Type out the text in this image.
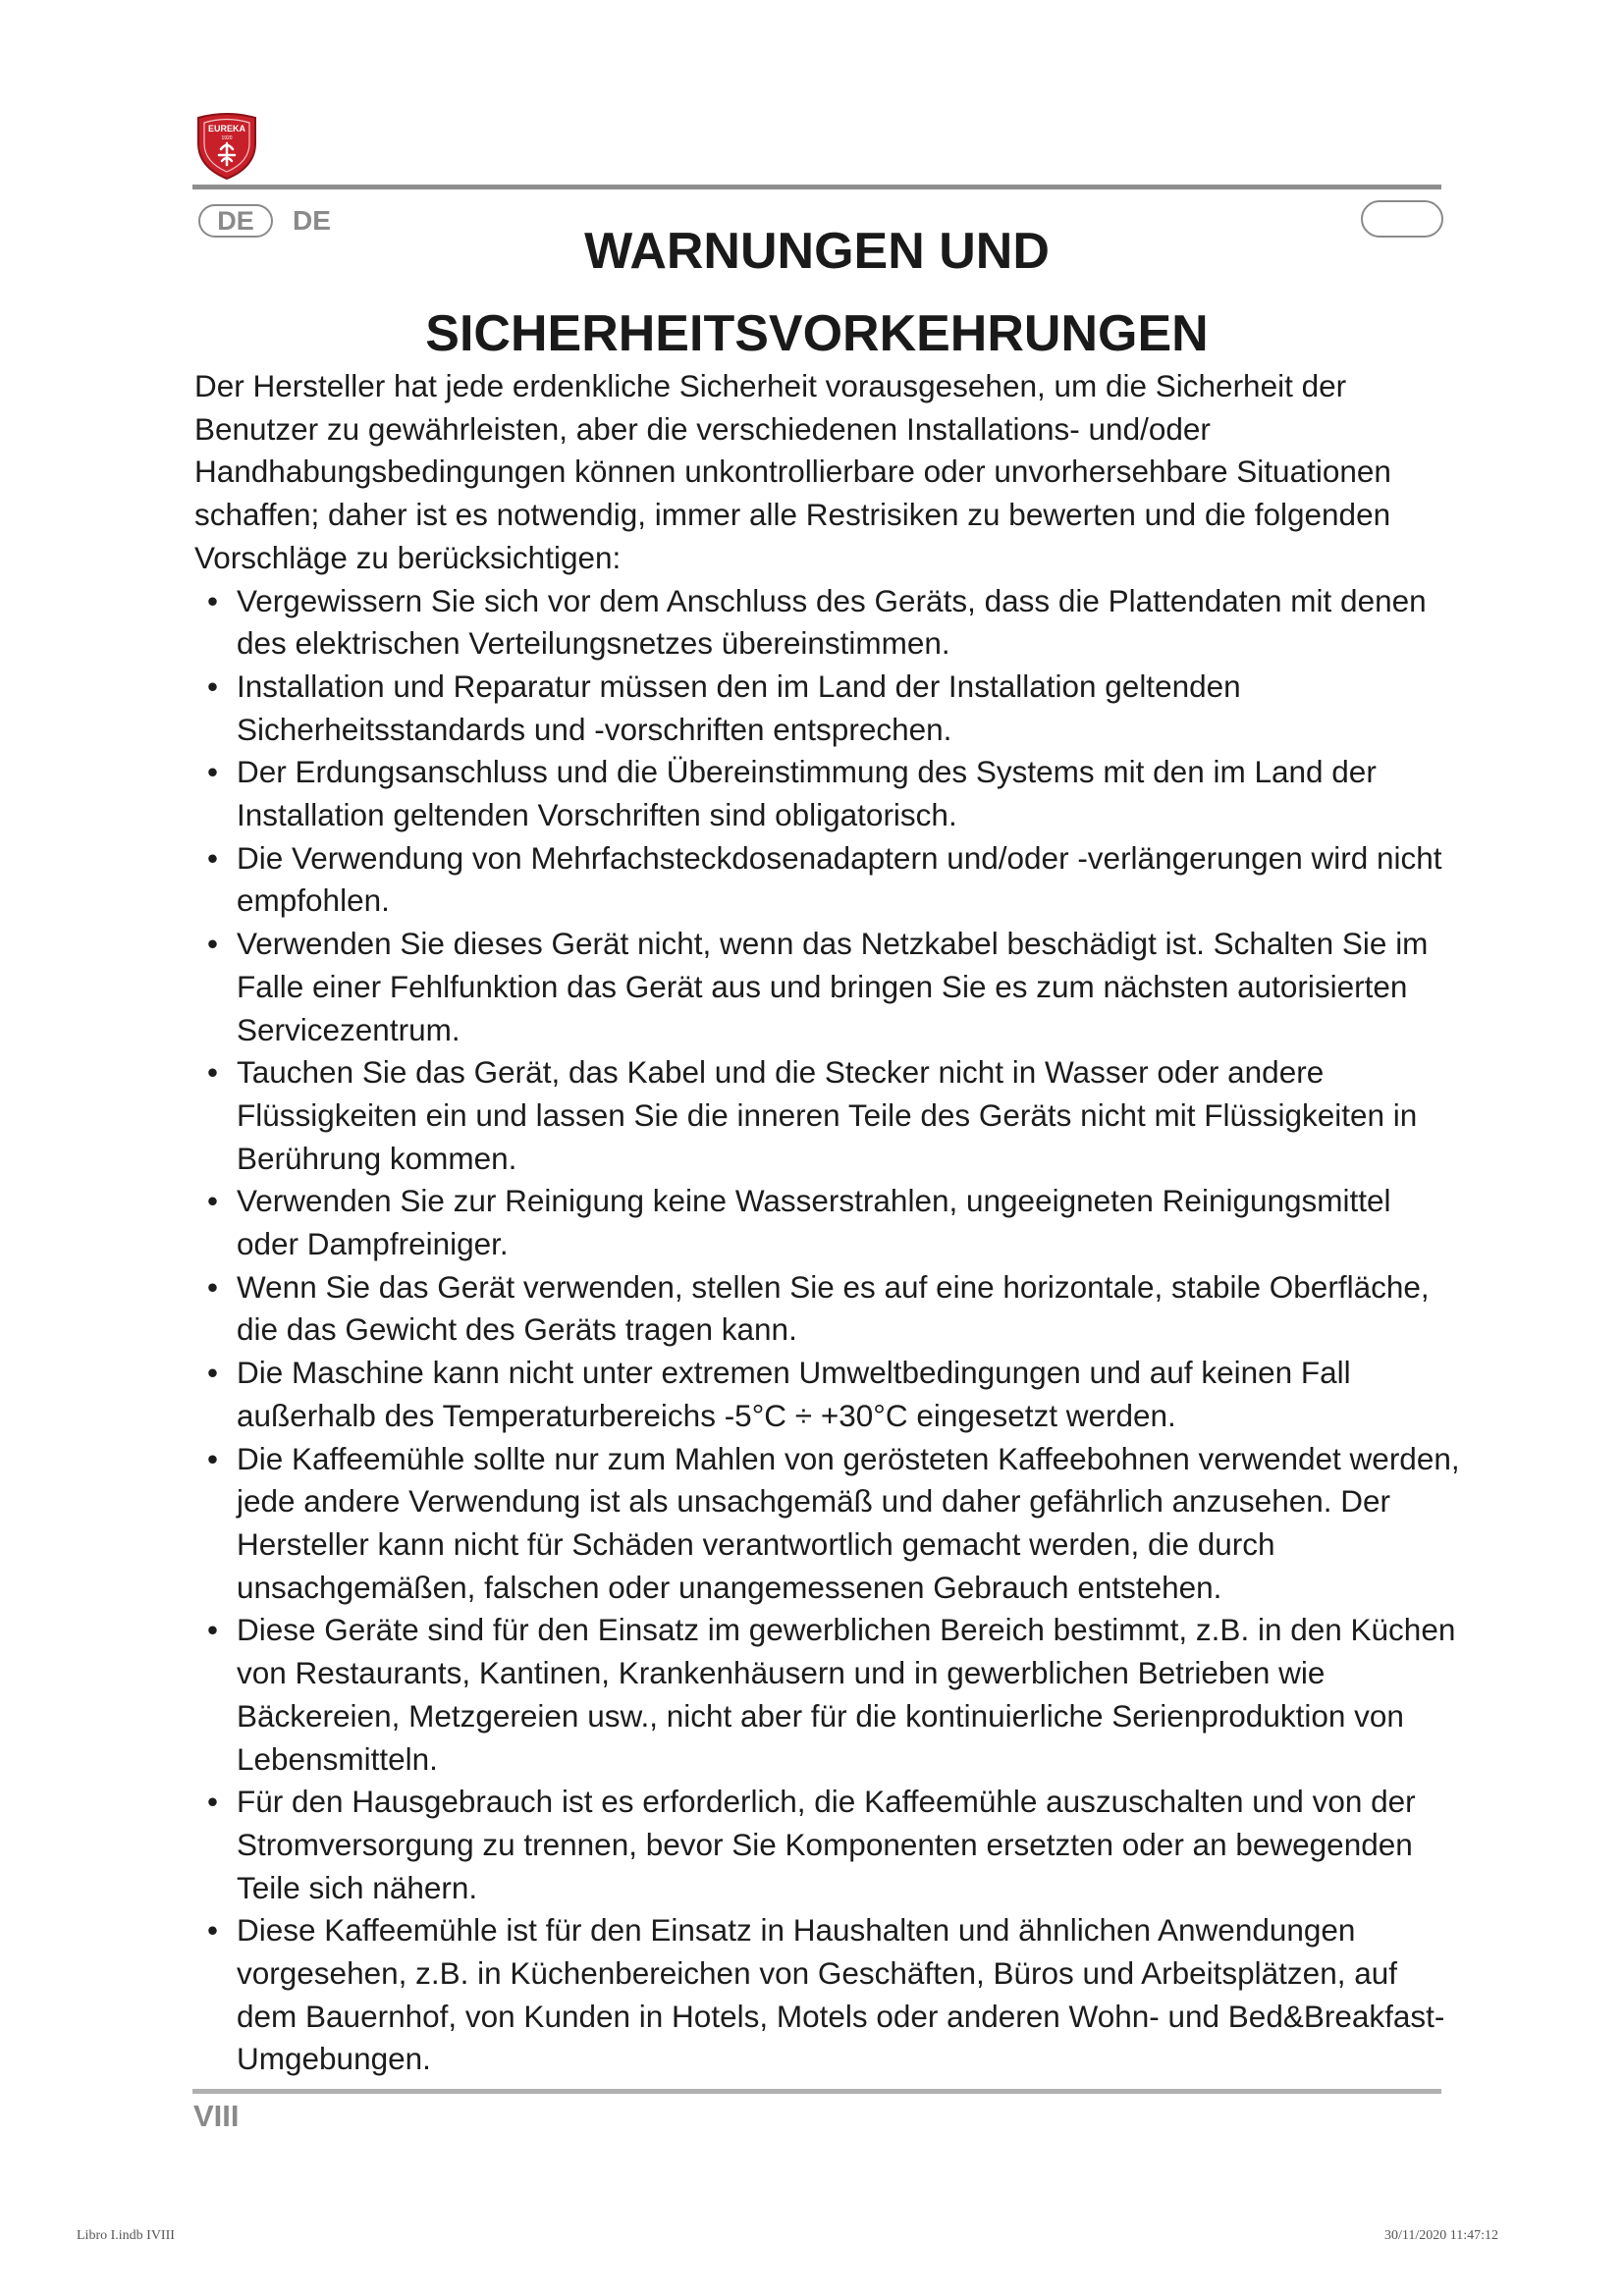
EUREKA
1920
DE	DE
WARNUNGEN UND
SICHERHEITSVORKEHRUNGEN

Der Hersteller hat jede erdenkliche Sicherheit vorausgesehen, um die Sicherheit der Benutzer zu gewährleisten, aber die verschiedenen Installations- und/oder Handhabungsbedingungen können unkontrollierbare oder unvorhersehbare Situationen schaffen; daher ist es notwendig, immer alle Restrisiken zu bewerten und die folgenden Vorschläge zu berücksichtigen:

• Vergewissern Sie sich vor dem Anschluss des Geräts, dass die Plattendaten mit denen des elektrischen Verteilungsnetzes übereinstimmen.
• Installation und Reparatur müssen den im Land der Installation geltenden Sicherheitsstandards und -vorschriften entsprechen.
• Der Erdungsanschluss und die Übereinstimmung des Systems mit den im Land der Installation geltenden Vorschriften sind obligatorisch.
• Die Verwendung von Mehrfachsteckdosenadaptern und/oder -verlängerungen wird nicht empfohlen.
• Verwenden Sie dieses Gerät nicht, wenn das Netzkabel beschädigt ist. Schalten Sie im Falle einer Fehlfunktion das Gerät aus und bringen Sie es zum nächsten autorisierten Servicezentrum.
• Tauchen Sie das Gerät, das Kabel und die Stecker nicht in Wasser oder andere Flüssigkeiten ein und lassen Sie die inneren Teile des Geräts nicht mit Flüssigkeiten in Berührung kommen.
• Verwenden Sie zur Reinigung keine Wasserstrahlen, ungeeigneten Reinigungsmittel oder Dampfreiniger.
• Wenn Sie das Gerät verwenden, stellen Sie es auf eine horizontale, stabile Oberfläche, die das Gewicht des Geräts tragen kann.
• Die Maschine kann nicht unter extremen Umweltbedingungen und auf keinen Fall außerhalb des Temperaturbereichs -5°C ÷ +30°C eingesetzt werden.
• Die Kaffeemühle sollte nur zum Mahlen von gerösteten Kaffeebohnen verwendet werden, jede andere Verwendung ist als unsachgemäß und daher gefährlich anzusehen. Der Hersteller kann nicht für Schäden verantwortlich gemacht werden, die durch unsachgemäßen, falschen oder unangemessenen Gebrauch entstehen.
• Diese Geräte sind für den Einsatz im gewerblichen Bereich bestimmt, z.B. in den Küchen von Restaurants, Kantinen, Krankenhäusern und in gewerblichen Betrieben wie Bäckereien, Metzgereien usw., nicht aber für die kontinuierliche Serienproduktion von Lebensmitteln.
• Für den Hausgebrauch ist es erforderlich, die Kaffeemühle auszuschalten und von der Stromversorgung zu trennen, bevor Sie Komponenten ersetzten oder an bewegenden Teile sich nähern.
• Diese Kaffeemühle ist für den Einsatz in Haushalten und ähnlichen Anwendungen vorgesehen, z.B. in Küchenbereichen von Geschäften, Büros und Arbeitsplätzen, auf dem Bauernhof, von Kunden in Hotels, Motels oder anderen Wohn- und Bed&Breakfast-Umgebungen.
VIII
Libro I.indb IVIII	30/11/2020 11:47:12
